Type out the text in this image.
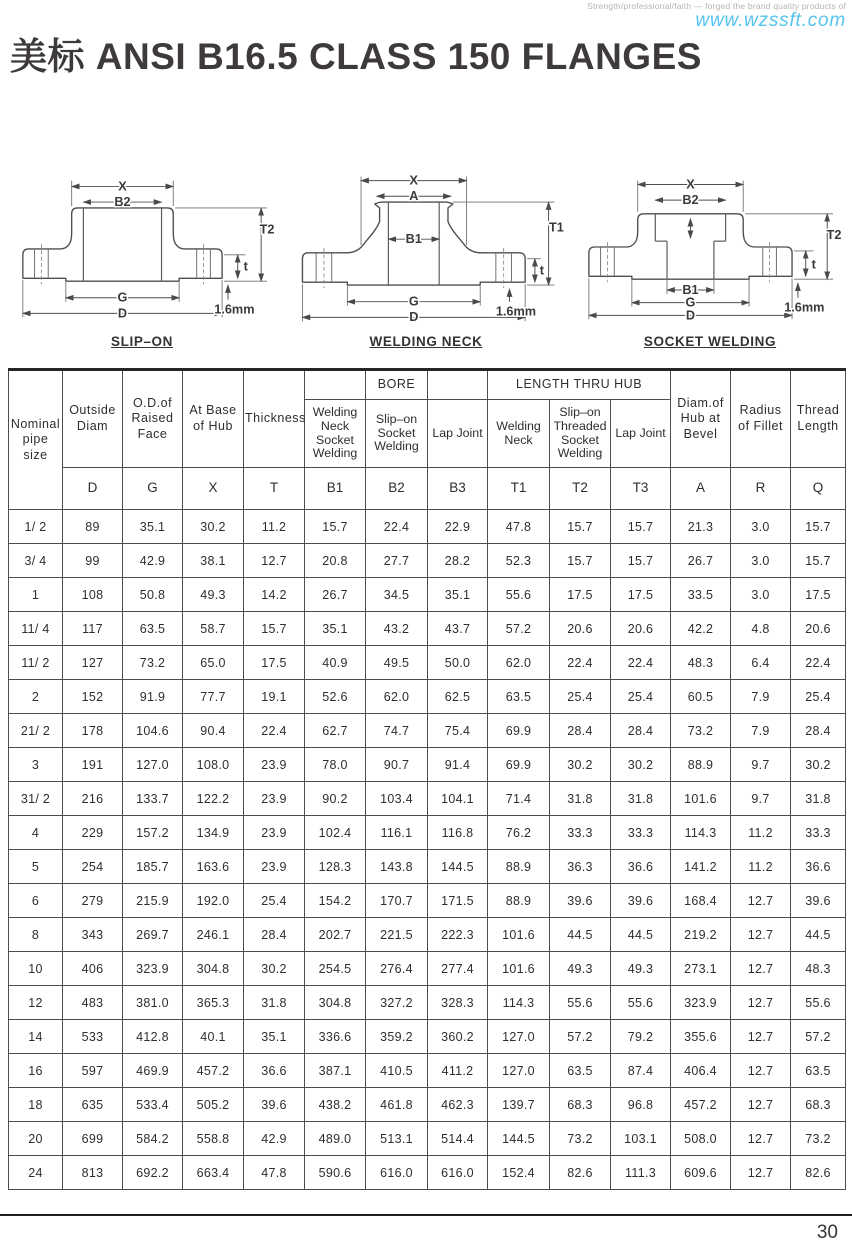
Strength/professional/faith — forged the brand quality products of
www.wzssft.com
美标 ANSI B16.5 CLASS 150 FLANGES
X
B2
G
D
t
T2
1.6mm
SLIP–ON
X
A
B1
G
D
t
T1
1.6mm
WELDING NECK
X
B2
B1
G
D
t
T2
1.6mm
SOCKET WELDING
Nominal pipe size	Outside Diam	O.D.of Raised Face	At Base of Hub	Thickness		BORE		LENGTH THRU HUB			Diam.of Hub at Bevel	Radius of Fillet	Thread Length
					Welding Neck Socket Welding	Slip–on Socket Welding	Lap Joint	Welding Neck	Slip–on Threaded Socket Welding	Lap Joint			
	D	G	X	T	B1	B2	B3	T1	T2	T3	A	R	Q
1/ 2	89	35.1	30.2	11.2	15.7	22.4	22.9	47.8	15.7	15.7	21.3	3.0	15.7
3/ 4	99	42.9	38.1	12.7	20.8	27.7	28.2	52.3	15.7	15.7	26.7	3.0	15.7
1	108	50.8	49.3	14.2	26.7	34.5	35.1	55.6	17.5	17.5	33.5	3.0	17.5
11/ 4	117	63.5	58.7	15.7	35.1	43.2	43.7	57.2	20.6	20.6	42.2	4.8	20.6
11/ 2	127	73.2	65.0	17.5	40.9	49.5	50.0	62.0	22.4	22.4	48.3	6.4	22.4
2	152	91.9	77.7	19.1	52.6	62.0	62.5	63.5	25.4	25.4	60.5	7.9	25.4
21/ 2	178	104.6	90.4	22.4	62.7	74.7	75.4	69.9	28.4	28.4	73.2	7.9	28.4
3	191	127.0	108.0	23.9	78.0	90.7	91.4	69.9	30.2	30.2	88.9	9.7	30.2
31/ 2	216	133.7	122.2	23.9	90.2	103.4	104.1	71.4	31.8	31.8	101.6	9.7	31.8
4	229	157.2	134.9	23.9	102.4	116.1	116.8	76.2	33.3	33.3	114.3	11.2	33.3
5	254	185.7	163.6	23.9	128.3	143.8	144.5	88.9	36.3	36.6	141.2	11.2	36.6
6	279	215.9	192.0	25.4	154.2	170.7	171.5	88.9	39.6	39.6	168.4	12.7	39.6
8	343	269.7	246.1	28.4	202.7	221.5	222.3	101.6	44.5	44.5	219.2	12.7	44.5
10	406	323.9	304.8	30.2	254.5	276.4	277.4	101.6	49.3	49.3	273.1	12.7	48.3
12	483	381.0	365.3	31.8	304.8	327.2	328.3	114.3	55.6	55.6	323.9	12.7	55.6
14	533	412.8	40.1	35.1	336.6	359.2	360.2	127.0	57.2	79.2	355.6	12.7	57.2
16	597	469.9	457.2	36.6	387.1	410.5	411.2	127.0	63.5	87.4	406.4	12.7	63.5
18	635	533.4	505.2	39.6	438.2	461.8	462.3	139.7	68.3	96.8	457.2	12.7	68.3
20	699	584.2	558.8	42.9	489.0	513.1	514.4	144.5	73.2	103.1	508.0	12.7	73.2
24	813	692.2	663.4	47.8	590.6	616.0	616.0	152.4	82.6	111.3	609.6	12.7	82.6
30
